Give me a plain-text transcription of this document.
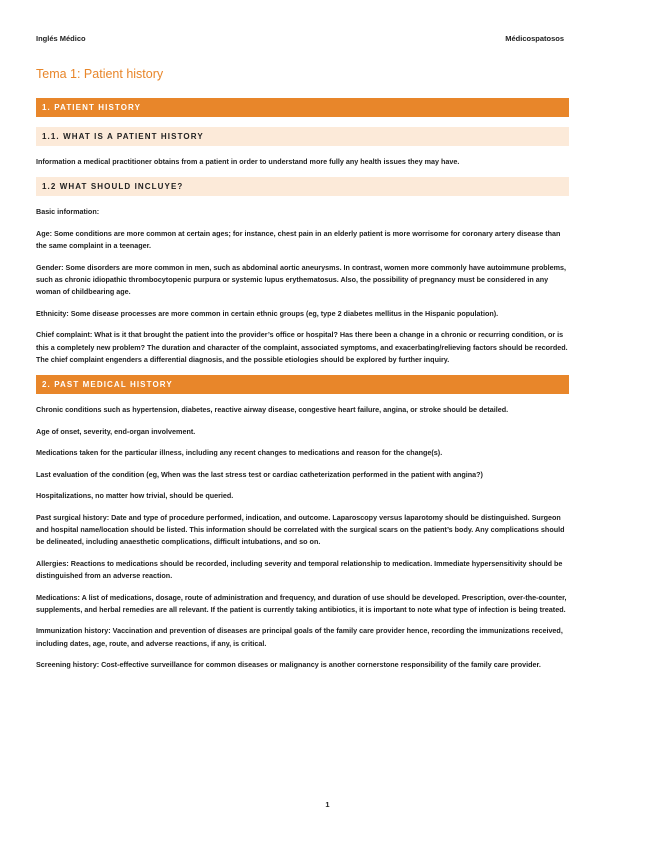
Inglés Médico	Médicospatosos
Tema 1: Patient history
1. PATIENT HISTORY
1.1. WHAT IS A PATIENT HISTORY

Information a medical practitioner obtains from a patient in order to understand more fully any health issues they may have.

1.2 WHAT SHOULD INCLUYE?

Basic information:

Age: Some conditions are more common at certain ages; for instance, chest pain in an elderly patient is more worrisome for coronary artery disease than the same complaint in a teenager.

Gender: Some disorders are more common in men, such as abdominal aortic aneurysms. In contrast, women more commonly have autoimmune problems, such as chronic idiopathic thrombocytopenic purpura or systemic lupus erythematosus. Also, the possibility of pregnancy must be considered in any woman of childbearing age.

Ethnicity: Some disease processes are more common in certain ethnic groups (eg, type 2 diabetes mellitus in the Hispanic population).

Chief complaint: What is it that brought the patient into the provider’s office or hospital? Has there been a change in a chronic or recurring condition, or is this a completely new problem? The duration and character of the complaint, associated symptoms, and exacerbating/relieving factors should be recorded. The chief complaint engenders a differential diagnosis, and the possible etiologies should be explored by further inquiry.

2. PAST MEDICAL HISTORY

Chronic conditions such as hypertension, diabetes, reactive airway disease, congestive heart failure, angina, or stroke should be detailed.

Age of onset, severity, end-organ involvement.

Medications taken for the particular illness, including any recent changes to medications and reason for the change(s).

Last evaluation of the condition (eg, When was the last stress test or cardiac catheterization performed in the patient with angina?)

Hospitalizations, no matter how trivial, should be queried.

Past surgical history: Date and type of procedure performed, indication, and outcome. Laparoscopy versus laparotomy should be distinguished. Surgeon and hospital name/location should be listed. This information should be correlated with the surgical scars on the patient’s body. Any complications should be delineated, including anaesthetic complications, difficult intubations, and so on.

Allergies: Reactions to medications should be recorded, including severity and temporal relationship to medication. Immediate hypersensitivity should be distinguished from an adverse reaction.

Medications: A list of medications, dosage, route of administration and frequency, and duration of use should be developed. Prescription, over-the-counter, supplements, and herbal remedies are all relevant. If the patient is currently taking antibiotics, it is important to note what type of infection is being treated.

Immunization history: Vaccination and prevention of diseases are principal goals of the family care provider hence, recording the immunizations received, including dates, age, route, and adverse reactions, if any, is critical.

Screening history: Cost-effective surveillance for common diseases or malignancy is another cornerstone responsibility of the family care provider.

1
